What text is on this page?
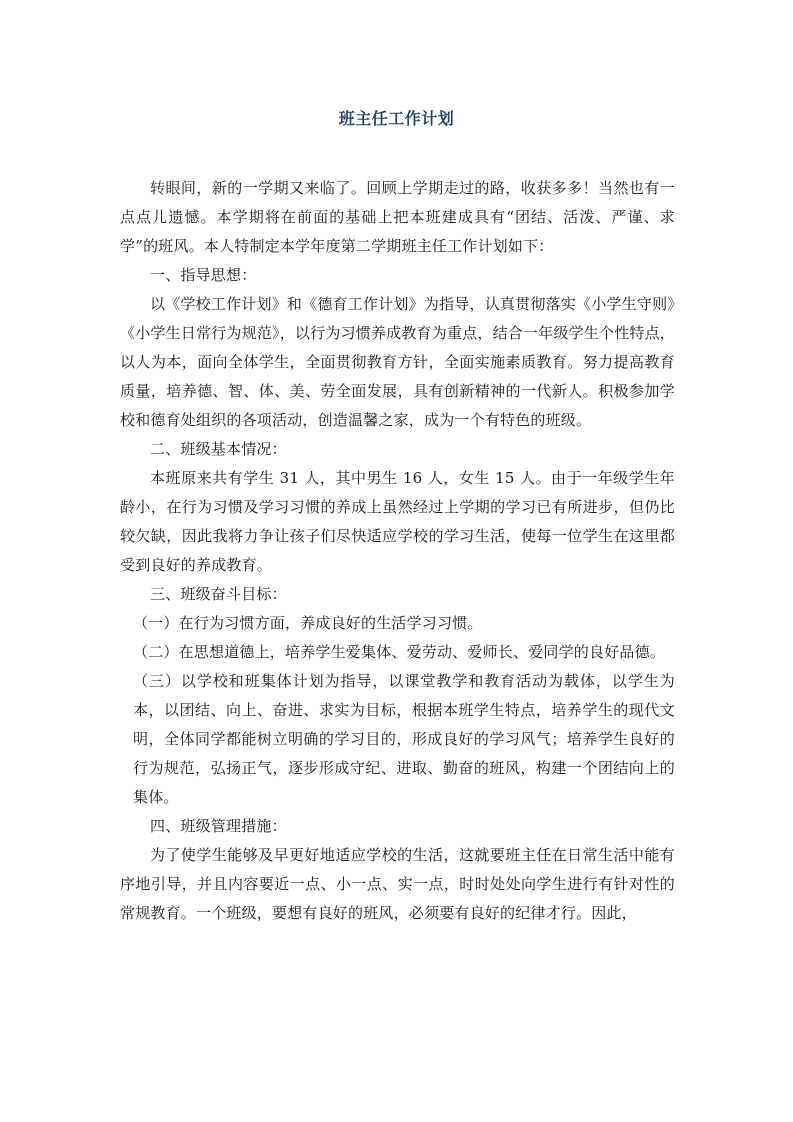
班主任工作计划

转眼间，新的一学期又来临了。回顾上学期走过的路，收获多多！当然也有一点点儿遗憾。本学期将在前面的基础上把本班建成具有“团结、活泼、严谨、求学”的班风。本人特制定本学年度第二学期班主任工作计划如下：

一、指导思想：

以《学校工作计划》和《德育工作计划》为指导，认真贯彻落实《小学生守则》《小学生日常行为规范》，以行为习惯养成教育为重点，结合一年级学生个性特点，以人为本，面向全体学生，全面贯彻教育方针，全面实施素质教育。努力提高教育质量，培养德、智、体、美、劳全面发展，具有创新精神的一代新人。积极参加学校和德育处组织的各项活动，创造温馨之家，成为一个有特色的班级。

二、班级基本情况：

本班原来共有学生 31 人，其中男生 16 人，女生 15 人。由于一年级学生年龄小，在行为习惯及学习习惯的养成上虽然经过上学期的学习已有所进步，但仍比较欠缺，因此我将力争让孩子们尽快适应学校的学习生活，使每一位学生在这里都受到良好的养成教育。

三、班级奋斗目标：

（一）在行为习惯方面，养成良好的生活学习习惯。

（二）在思想道德上，培养学生爱集体、爱劳动、爱师长、爱同学的良好品德。

（三）以学校和班集体计划为指导，以课堂教学和教育活动为载体，以学生为本，以团结、向上、奋进、求实为目标，根据本班学生特点，培养学生的现代文明，全体同学都能树立明确的学习目的，形成良好的学习风气；培养学生良好的行为规范，弘扬正气，逐步形成守纪、进取、勤奋的班风，构建一个团结向上的集体。

四、班级管理措施：

为了使学生能够及早更好地适应学校的生活，这就要班主任在日常生活中能有序地引导，并且内容要近一点、小一点、实一点，时时处处向学生进行有针对性的常规教育。一个班级，要想有良好的班风，必须要有良好的纪律才行。因此，
